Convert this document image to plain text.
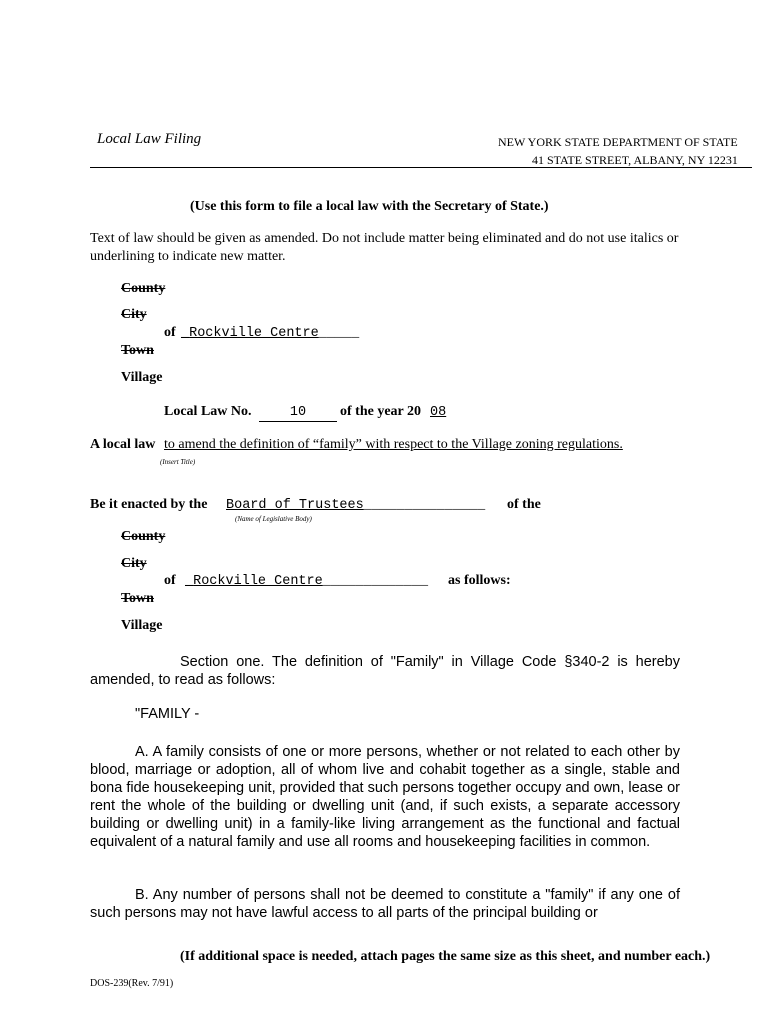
Local Law Filing	NEW YORK STATE DEPARTMENT OF STATE
41 STATE STREET, ALBANY, NY 12231
(Use this form to file a local law with the Secretary of State.)
Text of law should be given as amended. Do not include matter being eliminated and do not use italics or underlining to indicate new matter.
County
City
of _Rockville Centre_____
Town
Village
Local Law No.	10	of the year 20 08
A local law to amend the definition of “family” with respect to the Village zoning regulations.
(Insert Title)
Be it enacted by the Board of Trustees_______________ of the
(Name of Legislative Body)
County
City
of _Rockville Centre_____________ as follows:
Town
Village
Section one. The definition of "Family" in Village Code §340-2 is hereby amended, to read as follows:
"FAMILY -
A. A family consists of one or more persons, whether or not related to each other by blood, marriage or adoption, all of whom live and cohabit together as a single, stable and bona fide housekeeping unit, provided that such persons together occupy and own, lease or rent the whole of the building or dwelling unit (and, if such exists, a separate accessory building or dwelling unit) in a family-like living arrangement as the functional and factual equivalent of a natural family and use all rooms and housekeeping facilities in common.
B. Any number of persons shall not be deemed to constitute a "family" if any one of such persons may not have lawful access to all parts of the principal building or
(If additional space is needed, attach pages the same size as this sheet, and number each.)
DOS-239(Rev. 7/91)
